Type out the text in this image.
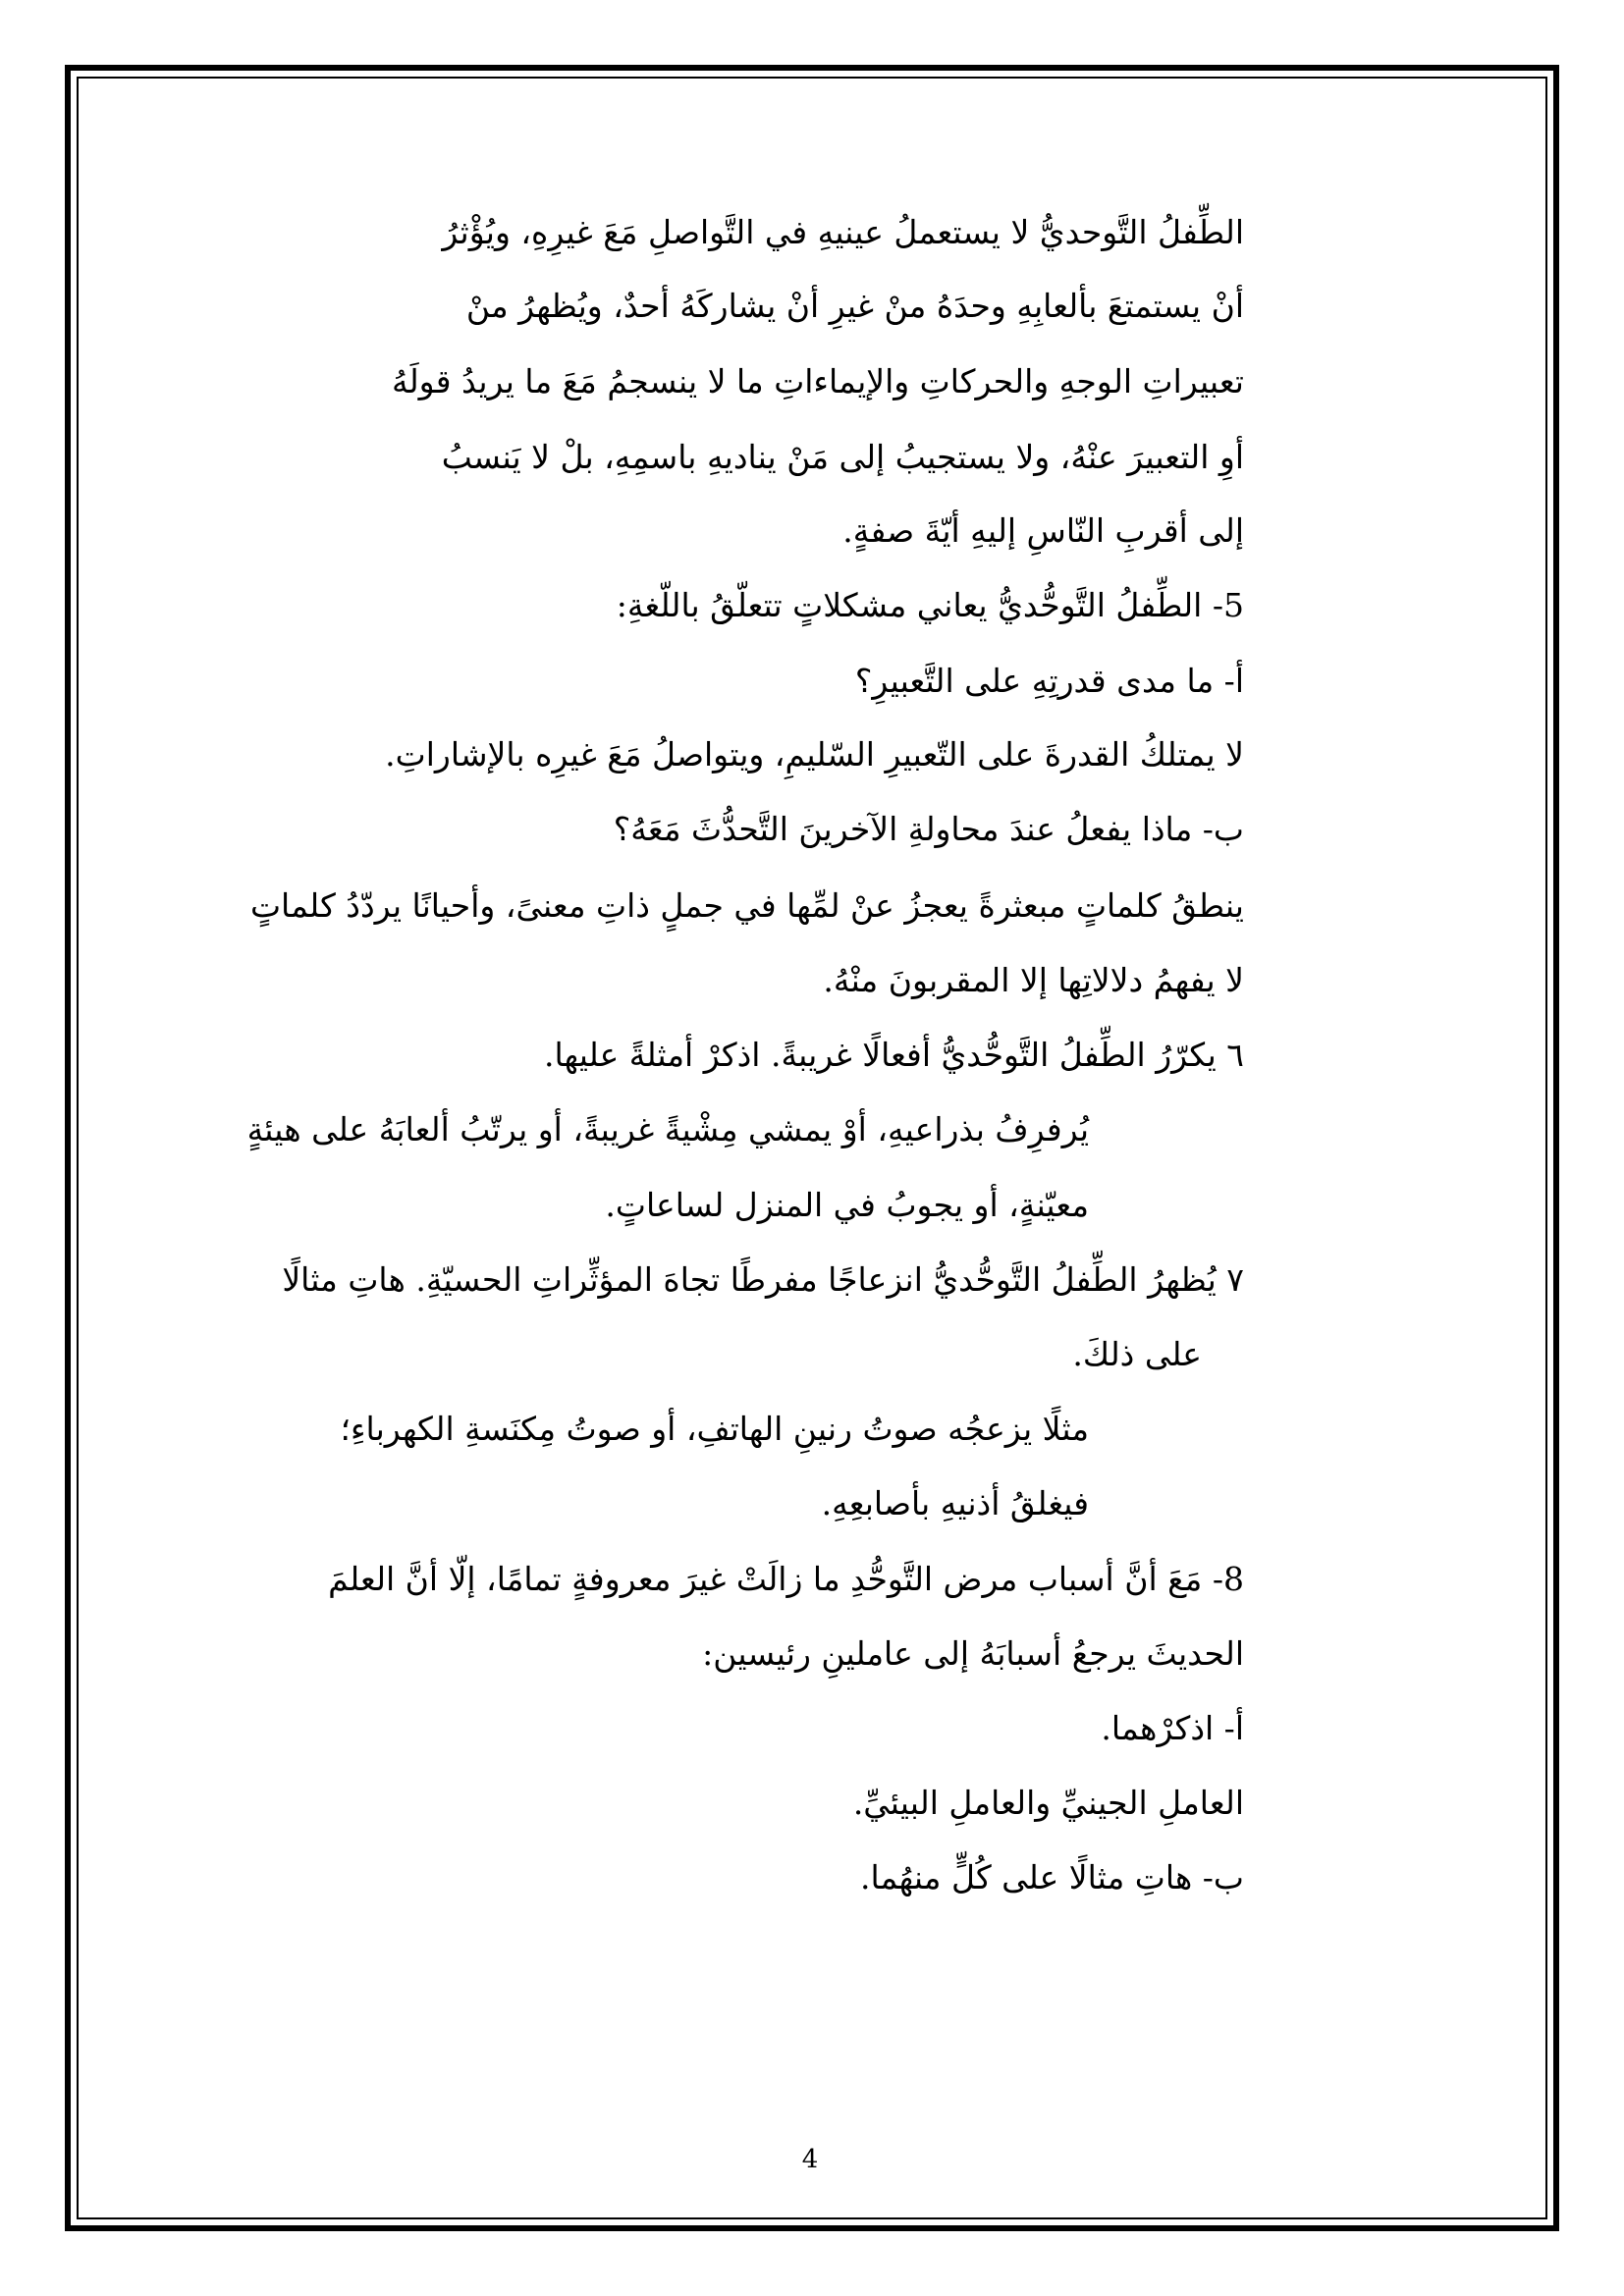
الطِّفلُ التَّوحديُّ لا يستعملُ عينيهِ في التَّواصلِ مَعَ غيرِهِ، ويُؤْثرُ
أنْ يستمتعَ بألعابِهِ وحدَهُ منْ غيرِ أنْ يشاركَهُ أحدٌ، ويُظهرُ منْ
تعبيراتِ الوجهِ والحركاتِ والإيماءاتِ ما لا ينسجمُ مَعَ ما يريدُ قولَهُ
أوِ التعبيرَ عنْهُ، ولا يستجيبُ إلى مَنْ يناديهِ باسمِهِ، بلْ لا يَنسبُ
إلى أقربِ النّاسِ إليهِ أيّةَ صفةٍ.
5- الطِّفلُ التَّوحُّديُّ يعاني مشكلاتٍ تتعلّقُ باللّغةِ:
أ- ما مدى قدرتِهِ على التَّعبيرِ؟
لا يمتلكُ القدرةَ على التّعبيرِ السّليمِ، ويتواصلُ مَعَ غيرِه بالإشاراتِ.
ب- ماذا يفعلُ عندَ محاولةِ الآخرينَ التَّحدُّثَ مَعَهُ؟
ينطقُ كلماتٍ مبعثرةً يعجزُ عنْ لمِّها في جملٍ ذاتِ معنىً، وأحيانًا يردّدُ كلماتٍ
لا يفهمُ دلالاتِها إلا المقربونَ منْهُ.
٦ يكرّرُ الطِّفلُ التَّوحُّديُّ أفعالًا غريبةً. اذكرْ أمثلةً عليها.
يُرفرِفُ بذراعيهِ، أوْ يمشي مِشْيةً غريبةً، أو يرتّبُ ألعابَهُ على هيئةٍ
معيّنةٍ، أو يجوبُ في المنزل لساعاتٍ.
٧ يُظهرُ الطِّفلُ التَّوحُّديُّ انزعاجًا مفرطًا تجاهَ المؤثِّراتِ الحسيّةِ. هاتِ مثالًا
على ذلكَ.
مثلًا يزعجُه صوتُ رنينِ الهاتفِ، أو صوتُ مِكنَسةِ الكهرباءِ؛
فيغلقُ أذنيهِ بأصابعِهِ.
8- مَعَ أنَّ أسباب مرض التَّوحُّدِ ما زالَتْ غيرَ معروفةٍ تمامًا، إلّا أنَّ العلمَ
الحديثَ يرجعُ أسبابَهُ إلى عاملينِ رئيسين:
أ- اذكرْهما.
العاملِ الجينيِّ والعاملِ البيئيِّ.
ب- هاتِ مثالًا على كُلٍّ منهُما.
4
